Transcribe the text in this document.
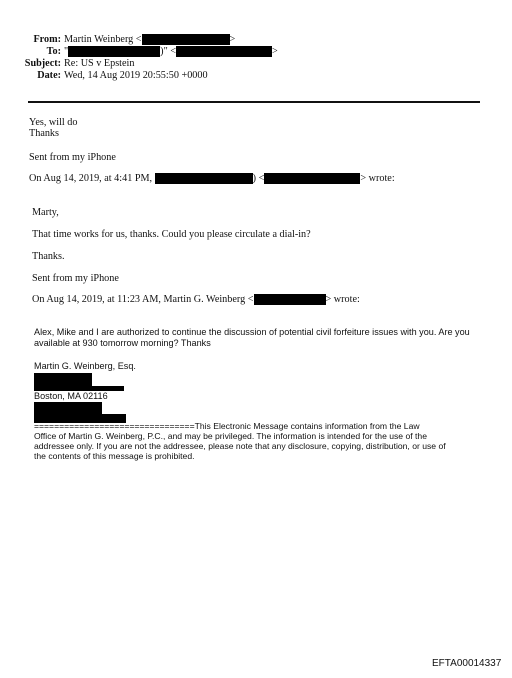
From: Martin Weinberg <	>
To: "	)" <	>
Subject: Re: US v Epstein
Date: Wed, 14 Aug 2019 20:55:50 +0000
Yes, will do
Thanks
Sent from my iPhone
On Aug 14, 2019, at 4:41 PM,	) <	> wrote:
Marty,
That time works for us, thanks. Could you please circulate a dial-in?
Thanks.
Sent from my iPhone
On Aug 14, 2019, at 11:23 AM, Martin G. Weinberg <	> wrote:
Alex, Mike and I are authorized to continue the discussion of potential civil forfeiture issues with you. Are you
available at 930 tomorrow morning? Thanks
Martin G. Weinberg, Esq.
Boston, MA 02116
================================This Electronic Message contains information from the Law
Office of Martin G. Weinberg, P.C., and may be privileged. The information is intended for the use of the
addressee only. If you are not the addressee, please note that any disclosure, copying, distribution, or use of
the contents of this message is prohibited.
EFTA00014337
